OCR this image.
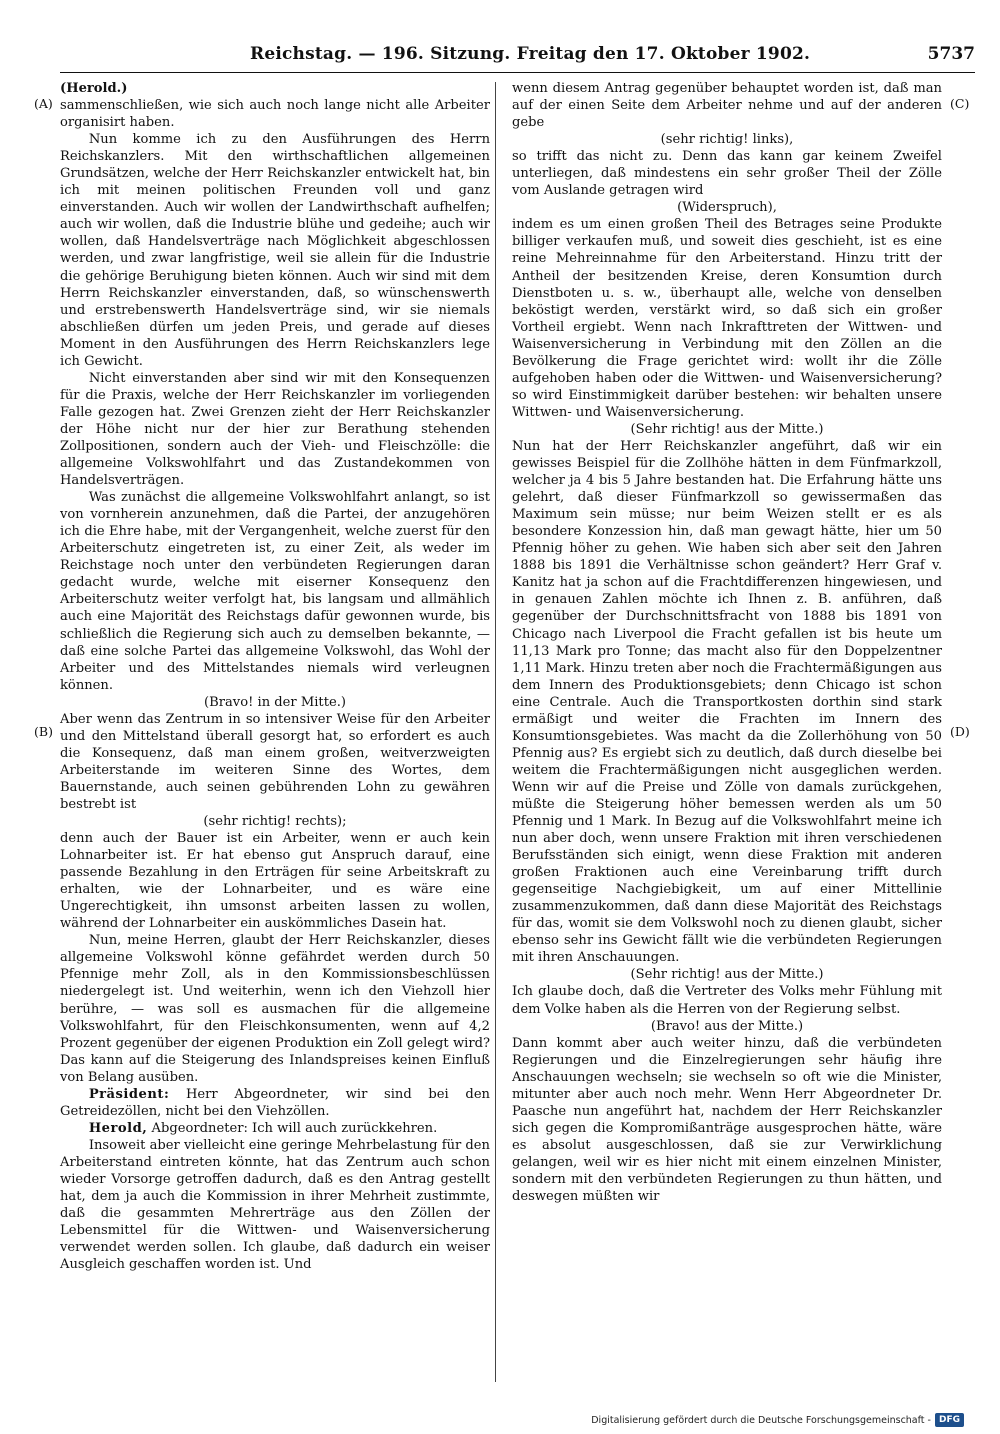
Reichstag. — 196. Sitzung. Freitag den 17. Oktober 1902.	5737
(A)
(B)
(C)
(D)

(Herold.)

sammenschließen, wie sich auch noch lange nicht alle Arbeiter organisirt haben.

Nun komme ich zu den Ausführungen des Herrn Reichskanzlers. Mit den wirthschaftlichen allgemeinen Grundsätzen, welche der Herr Reichskanzler entwickelt hat, bin ich mit meinen politischen Freunden voll und ganz einverstanden. Auch wir wollen der Landwirthschaft aufhelfen; auch wir wollen, daß die Industrie blühe und gedeihe; auch wir wollen, daß Handelsverträge nach Möglichkeit abgeschlossen werden, und zwar langfristige, weil sie allein für die Industrie die gehörige Beruhigung bieten können. Auch wir sind mit dem Herrn Reichskanzler einverstanden, daß, so wünschenswerth und erstrebenswerth Handelsverträge sind, wir sie niemals abschließen dürfen um jeden Preis, und gerade auf dieses Moment in den Ausführungen des Herrn Reichskanzlers lege ich Gewicht.

Nicht einverstanden aber sind wir mit den Konsequenzen für die Praxis, welche der Herr Reichskanzler im vorliegenden Falle gezogen hat. Zwei Grenzen zieht der Herr Reichskanzler der Höhe nicht nur der hier zur Berathung stehenden Zollpositionen, sondern auch der Vieh- und Fleischzölle: die allgemeine Volkswohlfahrt und das Zustandekommen von Handelsverträgen.

Was zunächst die allgemeine Volkswohlfahrt anlangt, so ist von vornherein anzunehmen, daß die Partei, der anzugehören ich die Ehre habe, mit der Vergangenheit, welche zuerst für den Arbeiterschutz eingetreten ist, zu einer Zeit, als weder im Reichstage noch unter den verbündeten Regierungen daran gedacht wurde, welche mit eiserner Konsequenz den Arbeiterschutz weiter verfolgt hat, bis langsam und allmählich auch eine Majorität des Reichstags dafür gewonnen wurde, bis schließlich die Regierung sich auch zu demselben bekannte, — daß eine solche Partei das allgemeine Volkswohl, das Wohl der Arbeiter und des Mittelstandes niemals wird verleugnen können.

(Bravo! in der Mitte.)

Aber wenn das Zentrum in so intensiver Weise für den Arbeiter und den Mittelstand überall gesorgt hat, so erfordert es auch die Konsequenz, daß man einem großen, weitverzweigten Arbeiterstande im weiteren Sinne des Wortes, dem Bauernstande, auch seinen gebührenden Lohn zu gewähren bestrebt ist

(sehr richtig! rechts);

denn auch der Bauer ist ein Arbeiter, wenn er auch kein Lohnarbeiter ist. Er hat ebenso gut Anspruch darauf, eine passende Bezahlung in den Erträgen für seine Arbeitskraft zu erhalten, wie der Lohnarbeiter, und es wäre eine Ungerechtigkeit, ihn umsonst arbeiten lassen zu wollen, während der Lohnarbeiter ein auskömmliches Dasein hat.

Nun, meine Herren, glaubt der Herr Reichskanzler, dieses allgemeine Volkswohl könne gefährdet werden durch 50 Pfennige mehr Zoll, als in den Kommissionsbeschlüssen niedergelegt ist. Und weiterhin, wenn ich den Viehzoll hier berühre, — was soll es ausmachen für die allgemeine Volkswohlfahrt, für den Fleischkonsumenten, wenn auf 4,2 Prozent gegenüber der eigenen Produktion ein Zoll gelegt wird? Das kann auf die Steigerung des Inlandspreises keinen Einfluß von Belang ausüben.

Präsident: Herr Abgeordneter, wir sind bei den Getreidezöllen, nicht bei den Viehzöllen.

Herold, Abgeordneter: Ich will auch zurückkehren.

Insoweit aber vielleicht eine geringe Mehrbelastung für den Arbeiterstand eintreten könnte, hat das Zentrum auch schon wieder Vorsorge getroffen dadurch, daß es den Antrag gestellt hat, dem ja auch die Kommission in ihrer Mehrheit zustimmte, daß die gesammten Mehrerträge aus den Zöllen der Lebensmittel für die Wittwen- und Waisenversicherung verwendet werden sollen. Ich glaube, daß dadurch ein weiser Ausgleich geschaffen worden ist. Und

wenn diesem Antrag gegenüber behauptet worden ist, daß man auf der einen Seite dem Arbeiter nehme und auf der anderen gebe

(sehr richtig! links),

so trifft das nicht zu. Denn das kann gar keinem Zweifel unterliegen, daß mindestens ein sehr großer Theil der Zölle vom Auslande getragen wird

(Widerspruch),

indem es um einen großen Theil des Betrages seine Produkte billiger verkaufen muß, und soweit dies geschieht, ist es eine reine Mehreinnahme für den Arbeiterstand. Hinzu tritt der Antheil der besitzenden Kreise, deren Konsumtion durch Dienstboten u. s. w., überhaupt alle, welche von denselben beköstigt werden, verstärkt wird, so daß sich ein großer Vortheil ergiebt. Wenn nach Inkrafttreten der Wittwen- und Waisenversicherung in Verbindung mit den Zöllen an die Bevölkerung die Frage gerichtet wird: wollt ihr die Zölle aufgehoben haben oder die Wittwen- und Waisenversicherung? so wird Einstimmigkeit darüber bestehen: wir behalten unsere Wittwen- und Waisenversicherung.

(Sehr richtig! aus der Mitte.)

Nun hat der Herr Reichskanzler angeführt, daß wir ein gewisses Beispiel für die Zollhöhe hätten in dem Fünfmarkzoll, welcher ja 4 bis 5 Jahre bestanden hat. Die Erfahrung hätte uns gelehrt, daß dieser Fünfmarkzoll so gewissermaßen das Maximum sein müsse; nur beim Weizen stellt er es als besondere Konzession hin, daß man gewagt hätte, hier um 50 Pfennig höher zu gehen. Wie haben sich aber seit den Jahren 1888 bis 1891 die Verhältnisse schon geändert? Herr Graf v. Kanitz hat ja schon auf die Frachtdifferenzen hingewiesen, und in genauen Zahlen möchte ich Ihnen z. B. anführen, daß gegenüber der Durchschnittsfracht von 1888 bis 1891 von Chicago nach Liverpool die Fracht gefallen ist bis heute um 11,13 Mark pro Tonne; das macht also für den Doppelzentner 1,11 Mark. Hinzu treten aber noch die Frachtermäßigungen aus dem Innern des Produktionsgebiets; denn Chicago ist schon eine Centrale. Auch die Transportkosten dorthin sind stark ermäßigt und weiter die Frachten im Innern des Konsumtionsgebietes. Was macht da die Zollerhöhung von 50 Pfennig aus? Es ergiebt sich zu deutlich, daß durch dieselbe bei weitem die Frachtermäßigungen nicht ausgeglichen werden. Wenn wir auf die Preise und Zölle von damals zurückgehen, müßte die Steigerung höher bemessen werden als um 50 Pfennig und 1 Mark. In Bezug auf die Volkswohlfahrt meine ich nun aber doch, wenn unsere Fraktion mit ihren verschiedenen Berufsständen sich einigt, wenn diese Fraktion mit anderen großen Fraktionen auch eine Vereinbarung trifft durch gegenseitige Nachgiebigkeit, um auf einer Mittellinie zusammenzukommen, daß dann diese Majorität des Reichstags für das, womit sie dem Volkswohl noch zu dienen glaubt, sicher ebenso sehr ins Gewicht fällt wie die verbündeten Regierungen mit ihren Anschauungen.

(Sehr richtig! aus der Mitte.)

Ich glaube doch, daß die Vertreter des Volks mehr Fühlung mit dem Volke haben als die Herren von der Regierung selbst.

(Bravo! aus der Mitte.)

Dann kommt aber auch weiter hinzu, daß die verbündeten Regierungen und die Einzelregierungen sehr häufig ihre Anschauungen wechseln; sie wechseln so oft wie die Minister, mitunter aber auch noch mehr. Wenn Herr Abgeordneter Dr. Paasche nun angeführt hat, nachdem der Herr Reichskanzler sich gegen die Kompromißanträge ausgesprochen hätte, wäre es absolut ausgeschlossen, daß sie zur Verwirklichung gelangen, weil wir es hier nicht mit einem einzelnen Minister, sondern mit den verbündeten Regierungen zu thun hätten, und deswegen müßten wir

Digitalisierung gefördert durch die Deutsche Forschungsgemeinschaft - DFG
